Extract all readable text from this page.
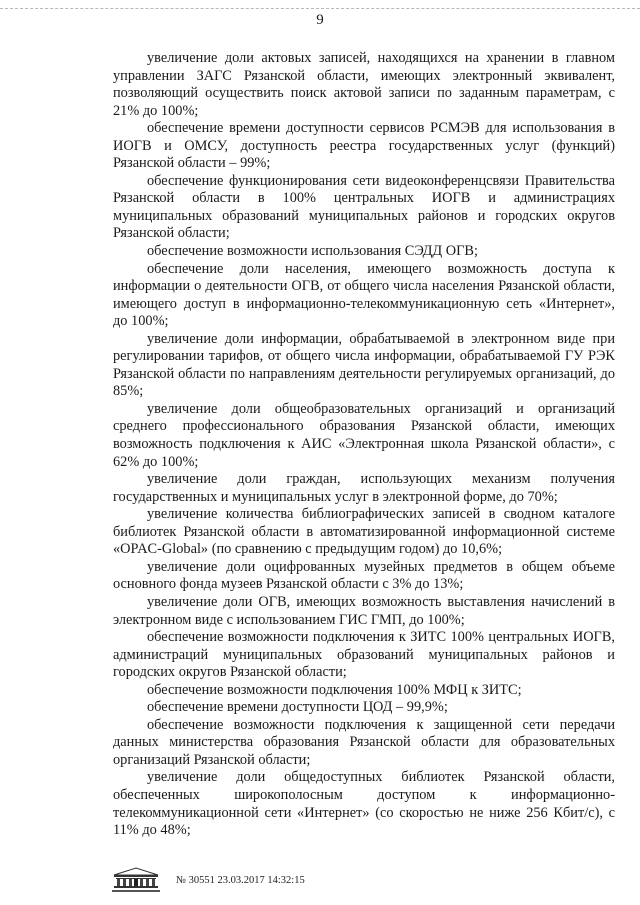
9

увеличение доли актовых записей, находящихся на хранении в главном управлении ЗАГС Рязанской области, имеющих электронный эквивалент, позволяющий осуществить поиск актовой записи по заданным параметрам, с 21% до 100%;

обеспечение времени доступности сервисов РСМЭВ для использования в ИОГВ и ОМСУ, доступность реестра государственных услуг (функций) Рязанской области – 99%;

обеспечение функционирования сети видеоконференцсвязи Правительства Рязанской области в 100% центральных ИОГВ и администрациях муниципальных образований муниципальных районов и городских округов Рязанской области;

обеспечение возможности использования СЭДД ОГВ;

обеспечение доли населения, имеющего возможность доступа к информации о деятельности ОГВ, от общего числа населения Рязанской области, имеющего доступ в информационно-телекоммуникационную сеть «Интернет», до 100%;

увеличение доли информации, обрабатываемой в электронном виде при регулировании тарифов, от общего числа информации, обрабатываемой ГУ РЭК Рязанской области по направлениям деятельности регулируемых организаций, до 85%;

увеличение доли общеобразовательных организаций и организаций среднего профессионального образования Рязанской области, имеющих возможность подключения к АИС «Электронная школа Рязанской области», с 62% до 100%;

увеличение доли граждан, использующих механизм получения государственных и муниципальных услуг в электронной форме, до 70%;

увеличение количества библиографических записей в сводном каталоге библиотек Рязанской области в автоматизированной информационной системе «OPAC-Global» (по сравнению с предыдущим годом) до 10,6%;

увеличение доли оцифрованных музейных предметов в общем объеме основного фонда музеев Рязанской области с 3% до 13%;

увеличение доли ОГВ, имеющих возможность выставления начислений в электронном виде с использованием ГИС ГМП, до 100%;

обеспечение возможности подключения к ЗИТС 100% центральных ИОГВ, администраций муниципальных образований муниципальных районов и городских округов Рязанской области;

обеспечение возможности подключения 100% МФЦ к ЗИТС;

обеспечение времени доступности ЦОД – 99,9%;

обеспечение возможности подключения к защищенной сети передачи данных министерства образования Рязанской области для образовательных организаций Рязанской области;

увеличение доли общедоступных библиотек Рязанской области, обеспеченных широкополосным доступом к информационно-телекоммуникационной сети «Интернет» (со скоростью не ниже 256 Кбит/с), с 11% до 48%;

№ 30551 23.03.2017 14:32:15
